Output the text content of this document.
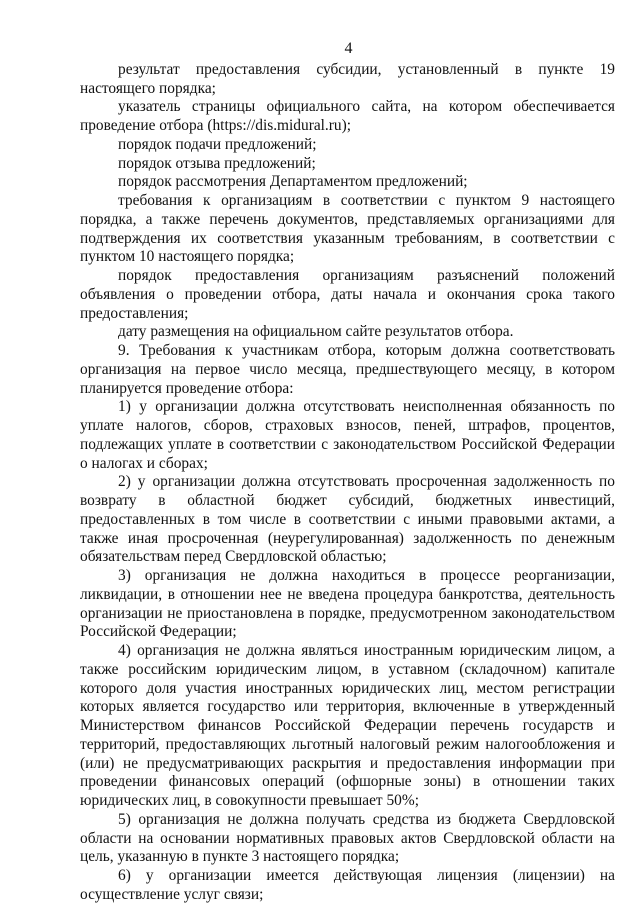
4

результат предоставления субсидии, установленный в пункте 19 настоящего порядка;

указатель страницы официального сайта, на котором обеспечивается проведение отбора (https://dis.midural.ru);

порядок подачи предложений;

порядок отзыва предложений;

порядок рассмотрения Департаментом предложений;

требования к организациям в соответствии с пунктом 9 настоящего порядка, а также перечень документов, представляемых организациями для подтверждения их соответствия указанным требованиям, в соответствии с пунктом 10 настоящего порядка;

порядок предоставления организациям разъяснений положений объявления о проведении отбора, даты начала и окончания срока такого предоставления;

дату размещения на официальном сайте результатов отбора.

9. Требования к участникам отбора, которым должна соответствовать организация на первое число месяца, предшествующего месяцу, в котором планируется проведение отбора:

1) у организации должна отсутствовать неисполненная обязанность по уплате налогов, сборов, страховых взносов, пеней, штрафов, процентов, подлежащих уплате в соответствии с законодательством Российской Федерации о налогах и сборах;

2) у организации должна отсутствовать просроченная задолженность по возврату в областной бюджет субсидий, бюджетных инвестиций, предоставленных в том числе в соответствии с иными правовыми актами, а также иная просроченная (неурегулированная) задолженность по денежным обязательствам перед Свердловской областью;

3) организация не должна находиться в процессе реорганизации, ликвидации, в отношении нее не введена процедура банкротства, деятельность организации не приостановлена в порядке, предусмотренном законодательством Российской Федерации;

4) организация не должна являться иностранным юридическим лицом, а также российским юридическим лицом, в уставном (складочном) капитале которого доля участия иностранных юридических лиц, местом регистрации которых является государство или территория, включенные в утвержденный Министерством финансов Российской Федерации перечень государств и территорий, предоставляющих льготный налоговый режим налогообложения и (или) не предусматривающих раскрытия и предоставления информации при проведении финансовых операций (офшорные зоны) в отношении таких юридических лиц, в совокупности превышает 50%;

5) организация не должна получать средства из бюджета Свердловской области на основании нормативных правовых актов Свердловской области на цель, указанную в пункте 3 настоящего порядка;

6) у организации имеется действующая лицензия (лицензии) на осуществление услуг связи;
